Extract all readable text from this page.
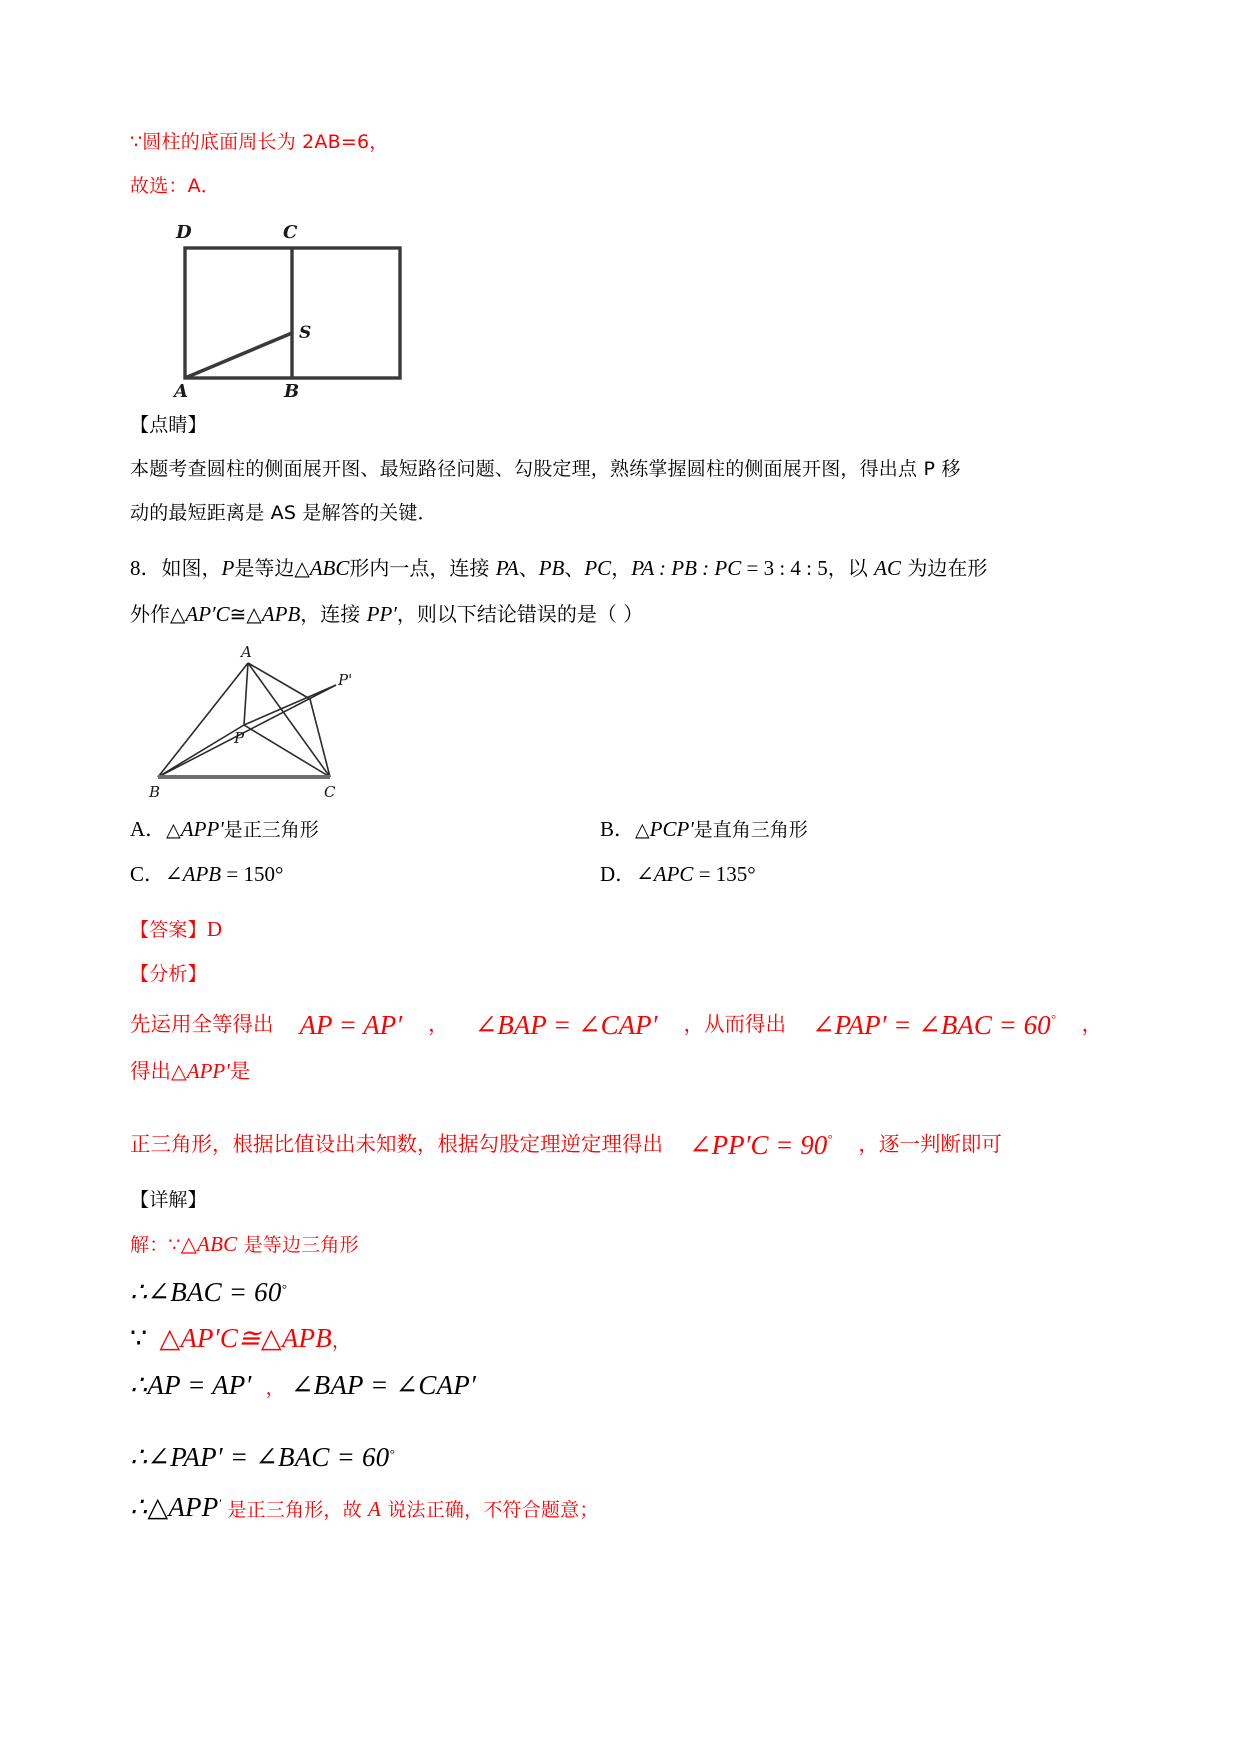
∵圆柱的底面周长为 2AB=6，
故选：A．
D	C
S
A	B
【点睛】
本题考查圆柱的侧面展开图、最短路径问题、勾股定理，熟练掌握圆柱的侧面展开图，得出点 P 移
动的最短距离是 AS 是解答的关键．
8．如图，P是等边△ABC形内一点，连接 PA、PB、PC，PA : PB : PC = 3 : 4 : 5，以 AC 为边在形
外作△AP′C≅△APB，连接 PP′，则以下结论错误的是（ ）
A
P'
P
B	C
A．△APP'是正三角形	B．△PCP'是直角三角形
C．∠APB = 150°	D．∠APC = 135°
【答案】D
【分析】
先运用全等得出 AP = AP′ ， ∠BAP = ∠CAP′ ，从而得出 ∠PAP′ = ∠BAC = 60° ，得出△APP'是
正三角形，根据比值设出未知数，根据勾股定理逆定理得出 ∠PP′C = 90° ，逐一判断即可
【详解】
解：∵△ABC 是等边三角形
∴∠BAC = 60°
∵ △AP′C≅△APB，
∴AP = AP′ ， ∠BAP = ∠CAP′
∴∠PAP′ = ∠BAC = 60°
∴△APP′ 是正三角形，故 A 说法正确，不符合题意；
